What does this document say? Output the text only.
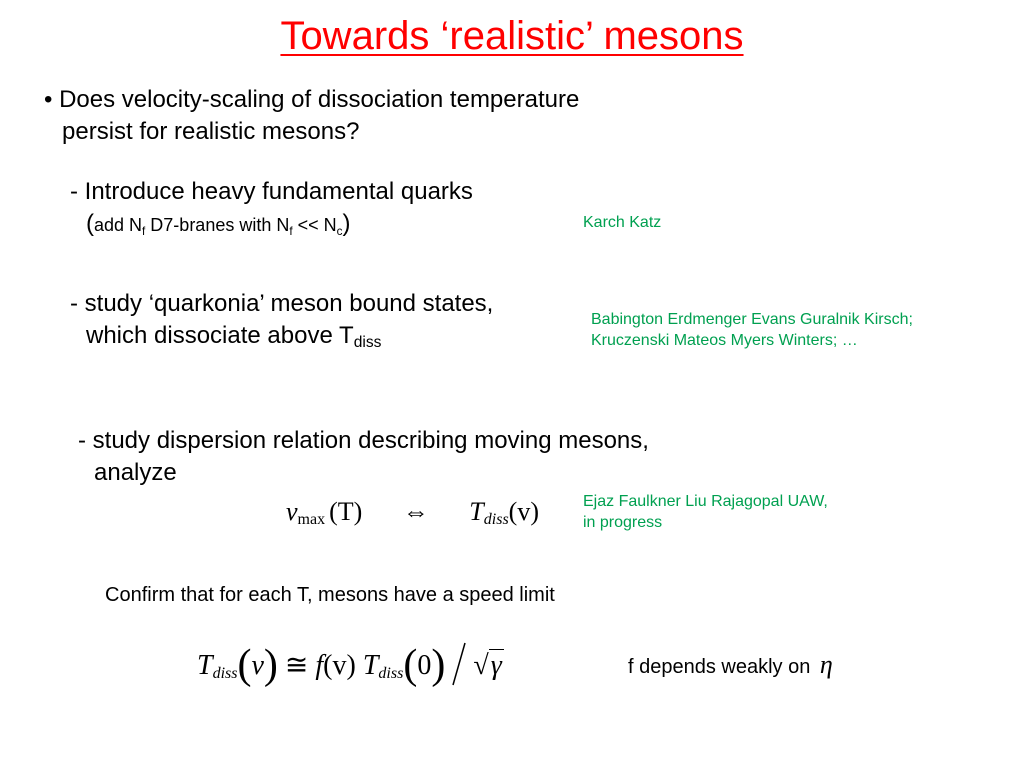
Towards ‘realistic’ mesons
• Does velocity-scaling of dissociation temperature
persist for realistic mesons?
- Introduce heavy fundamental quarks
(add $N_f$ D7-branes with $N_f << N_c$)	Karch Katz
- study ‘quarkonia’ meson bound states,
which dissociate above $T_{diss}$
Babington Erdmenger Evans Guralnik Kirsch;
Kruczenski Mateos Myers Winters; …
- study dispersion relation describing moving mesons,
analyze
Ejaz Faulkner Liu Rajagopal UAW,
in progress
$v_{max}$ (T) ⇔ $T_{diss}(v)$
Confirm that for each T, mesons have a speed limit
$T_{diss}(v)$ ≅ f(v) $T_{diss}(0)$ √γ	f depends weakly on η
